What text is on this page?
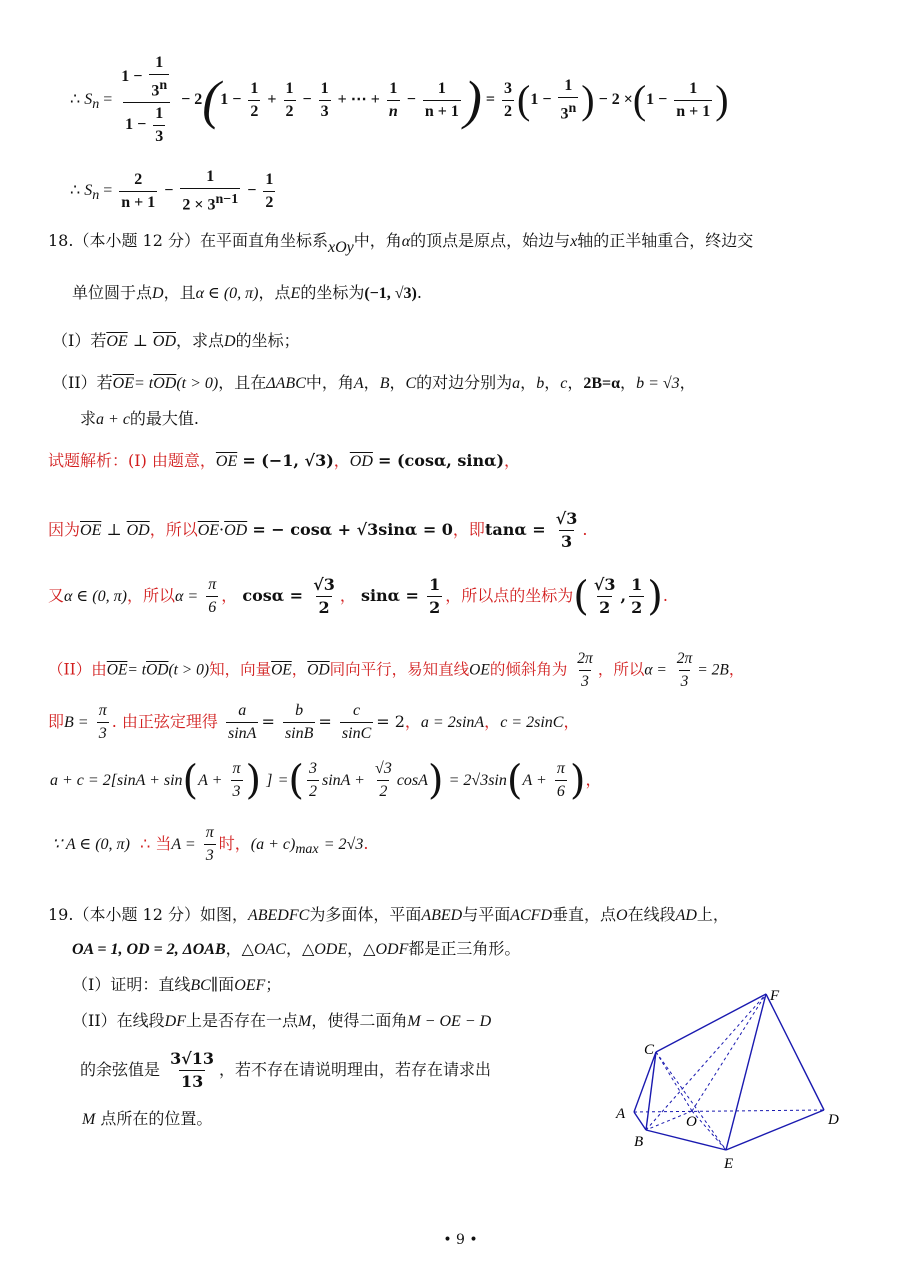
∴ $S_n = \frac{1 - \frac{1}{3^n}}{1 - \frac{1}{3}} - 2(1 - \frac{1}{2} + \frac{1}{2} - \frac{1}{3}$ + ⋯ + $\frac{1}{n} - \frac{1}{n + 1}$ ) = $\frac{3}{2} (1 - \frac{1}{3^n}$ ) − $2 \times(1 - \frac{1}{n + 1}$ )
∴ $S_n = \frac{2}{n + 1} - \frac{1}{2 \times 3^{n-1}} - \frac{1}{2}$
18.（本小题 12 分）在平面直角坐标系xOy中，角α的顶点是原点，始边与x轴的正半轴重合，终边交
单位圆于点D，且α ∈ (0, π)，点E的坐标为(−1, √3).
（I）若$\overline{OE}$ ⊥ $\overline{OD}$，求点D的坐标；
（II）若$\overline{OE}= t\overline{OD}(t > 0)$，且在ΔABC中，角A，B，C的对边分别为a，b，c，2B=α，b = √3，
求a + c的最大值.
试题解析：(I) 由题意，$\overline{OE} = (-1$, √3)，$\overline{OD} = (\cos\alpha$, sinα)，
因为$\overline{OE}$ ⊥ $\overline{OD}$，所以$\overline{OE}\cdot\overline{OD}$ = − cosα + √3sinα = 0，即$\tan\alpha = \frac{√3}{3}$ .
又α ∈ (0, π)，所以$\alpha = \frac{\pi}{6}$ ， $\cos\alpha = \frac{√3}{2}$ ， $\sin\alpha = \frac{1}{2}$ ，所以点的坐标为( $\frac{√3}{2}$ , $\frac{1}{2}$ ).
（II）由$\overline{OE}= t\overline{OD}(t > 0)$知，向量$\overline{OE}$，$\overline{OD}$同向平行，易知直线OE的倾斜角为 $\frac{2\pi}{3}$ ，所以$\alpha = \frac{2\pi}{3} = 2B$，
即$B = \frac{\pi}{3}$ . 由正弦定理得 $\frac{a}{\sin A} = \frac{b}{\sin B} = \frac{c}{\sin C} = 2$，a = 2sinA，c = 2sinC，
$a + c = 2[\sin A + \sin(A + \frac{\pi}{3}$ ) ] =( $\frac{3}{2}$ $\sin A + \frac{√3}{2} \cos A) = 2√3\sin(A + \frac{\pi}{6}$ )，
∵ A ∈ (0, π) ∴ 当$A = \frac{\pi}{3}$ 时，$(a + c)_{max} = 2√3$.
19.（本小题 12 分）如图，ABEDFC为多面体，平面ABED与平面ACFD垂直，点O在线段AD上，
OA = 1, OD = 2, ΔOAB，△OAC，△ODE，△ODF都是正三角形。
（I）证明：直线BC∥面OEF；
（II）在线段DF上是否存在一点M，使得二面角M − OE − D
的余弦值是 $\frac{3√13}{13}$ ，若不存在请说明理由，若存在请求出
M 点所在的位置。
F
C
A	O	D
B
E
• 9 •
